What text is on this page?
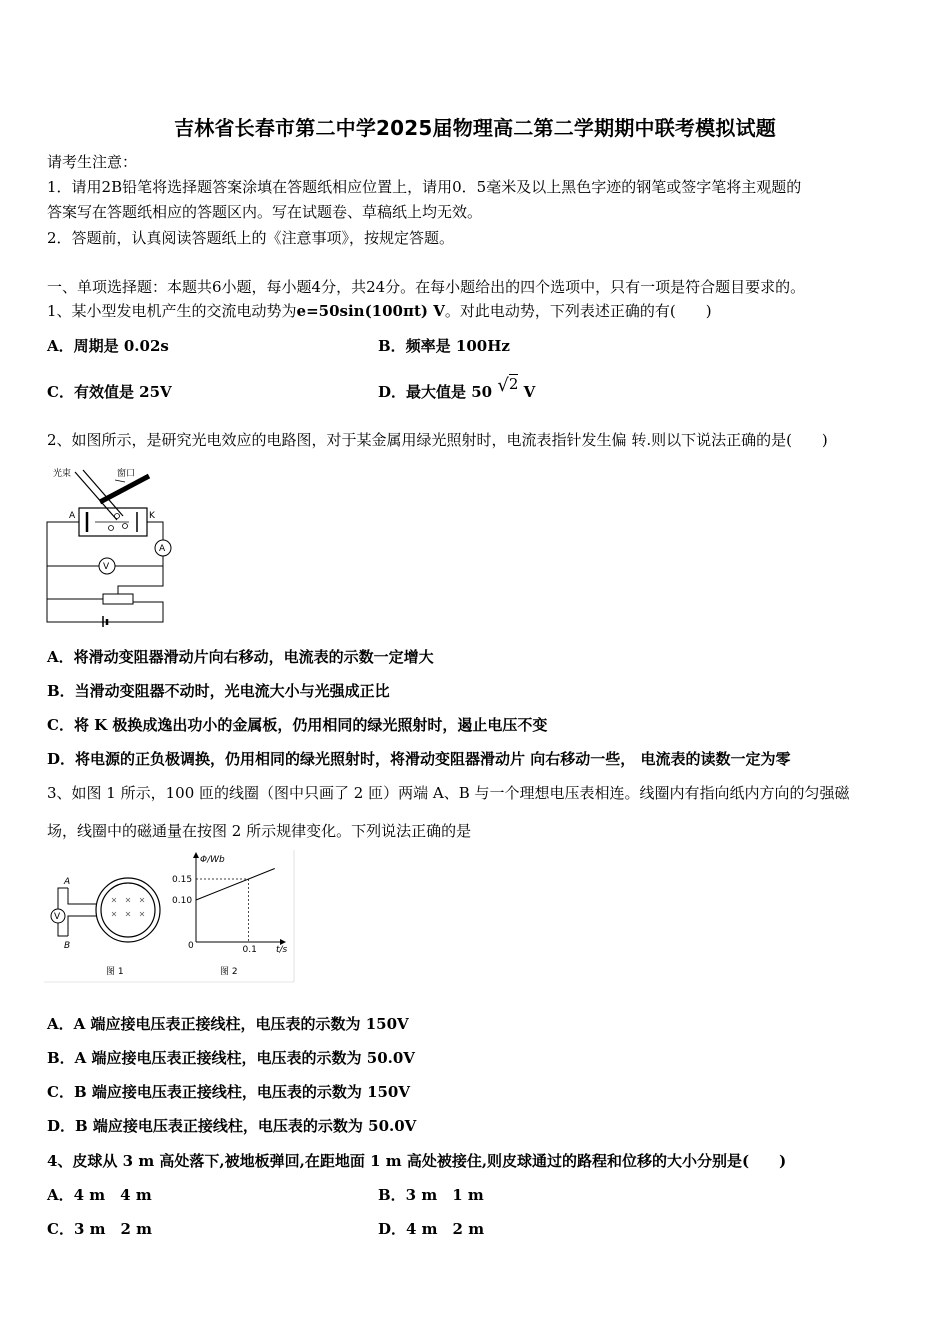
吉林省长春市第二中学2025届物理高二第二学期期中联考模拟试题
请考生注意：
1．请用2B铅笔将选择题答案涂填在答题纸相应位置上，请用0．5毫米及以上黑色字迹的钢笔或签字笔将主观题的
答案写在答题纸相应的答题区内。写在试题卷、草稿纸上均无效。
2．答题前，认真阅读答题纸上的《注意事项》，按规定答题。
一、单项选择题：本题共6小题，每小题4分，共24分。在每小题给出的四个选项中，只有一项是符合题目要求的。
1、某小型发电机产生的交流电动势为e=50sin(100πt) V。对此电动势，下列表述正确的有(　　)
A．周期是 0.02s	B．频率是 100Hz
C．有效值是 25V	D．最大值是 50 √2 V
2、如图所示，是研究光电效应的电路图，对于某金属用绿光照射时，电流表指针发生偏 转.则以下说法正确的是(　　)
光束	窗口
A	K
A
V
A．将滑动变阻器滑动片向右移动，电流表的示数一定增大
B．当滑动变阻器不动时，光电流大小与光强成正比
C．将 K 极换成逸出功小的金属板，仍用相同的绿光照射时，遏止电压不变
D．将电源的正负极调换，仍用相同的绿光照射时，将滑动变阻器滑动片 向右移动一些， 电流表的读数一定为零
3、如图 1 所示，100 匝的线圈（图中只画了 2 匝）两端 A、B 与一个理想电压表相连。线圈内有指向纸内方向的匀强磁
场，线圈中的磁通量在按图 2 所示规律变化。下列说法正确的是
V
A
B
图 1
0.15
0.10
0	0.1
Φ/Wb
t/s
图 2
A．A 端应接电压表正接线柱，电压表的示数为 150V
B．A 端应接电压表正接线柱，电压表的示数为 50.0V
C．B 端应接电压表正接线柱，电压表的示数为 150V
D．B 端应接电压表正接线柱，电压表的示数为 50.0V
4、皮球从 3 m 高处落下,被地板弹回,在距地面 1 m 高处被接住,则皮球通过的路程和位移的大小分别是(　　)
A．4 m　4 m	B．3 m　1 m
C．3 m　2 m	D．4 m　2 m
